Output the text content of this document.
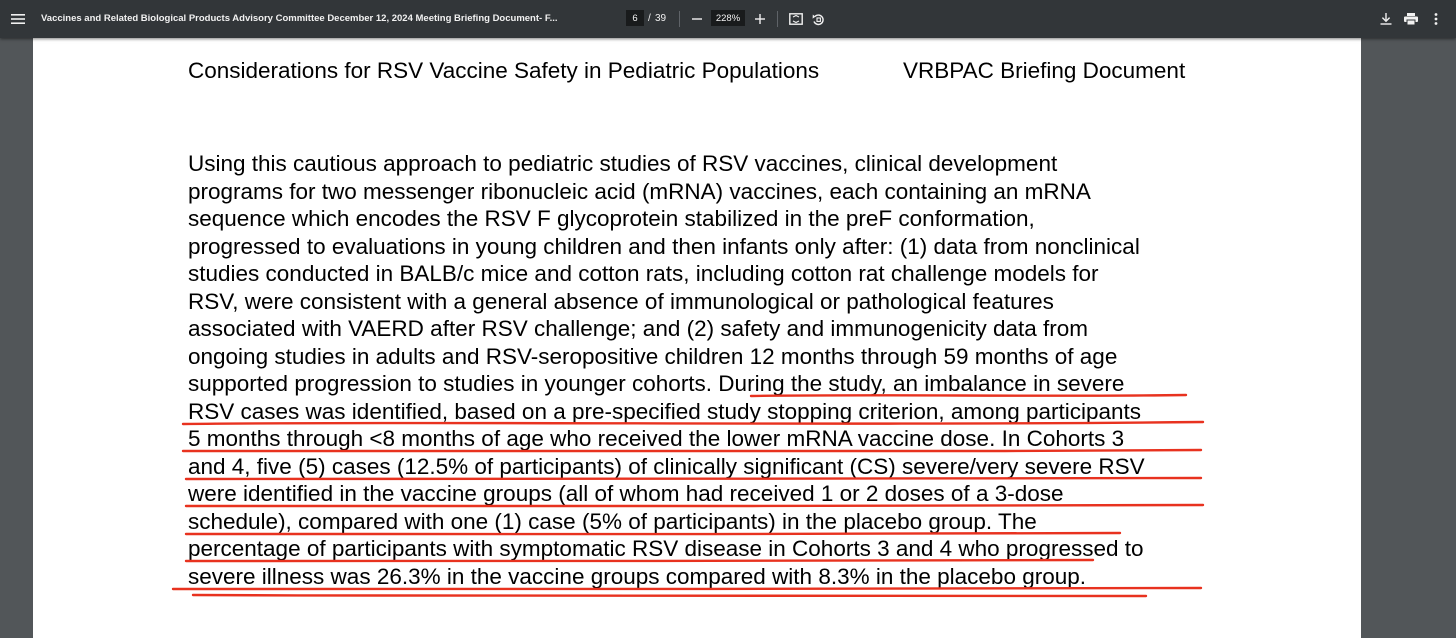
Vaccines and Related Biological Products Advisory Committee December 12, 2024 Meeting Briefing Document- F...
6	/ 39
228%
Considerations for RSV Vaccine Safety in Pediatric Populations	VRBPAC Briefing Document
Using this cautious approach to pediatric studies of RSV vaccines, clinical development
programs for two messenger ribonucleic acid (mRNA) vaccines, each containing an mRNA
sequence which encodes the RSV F glycoprotein stabilized in the preF conformation,
progressed to evaluations in young children and then infants only after: (1) data from nonclinical
studies conducted in BALB/c mice and cotton rats, including cotton rat challenge models for
RSV, were consistent with a general absence of immunological or pathological features
associated with VAERD after RSV challenge; and (2) safety and immunogenicity data from
ongoing studies in adults and RSV-seropositive children 12 months through 59 months of age
supported progression to studies in younger cohorts. During the study, an imbalance in severe
RSV cases was identified, based on a pre-specified study stopping criterion, among participants
5 months through <8 months of age who received the lower mRNA vaccine dose. In Cohorts 3
and 4, five (5) cases (12.5% of participants) of clinically significant (CS) severe/very severe RSV
were identified in the vaccine groups (all of whom had received 1 or 2 doses of a 3-dose
schedule), compared with one (1) case (5% of participants) in the placebo group. The
percentage of participants with symptomatic RSV disease in Cohorts 3 and 4 who progressed to
severe illness was 26.3% in the vaccine groups compared with 8.3% in the placebo group.
